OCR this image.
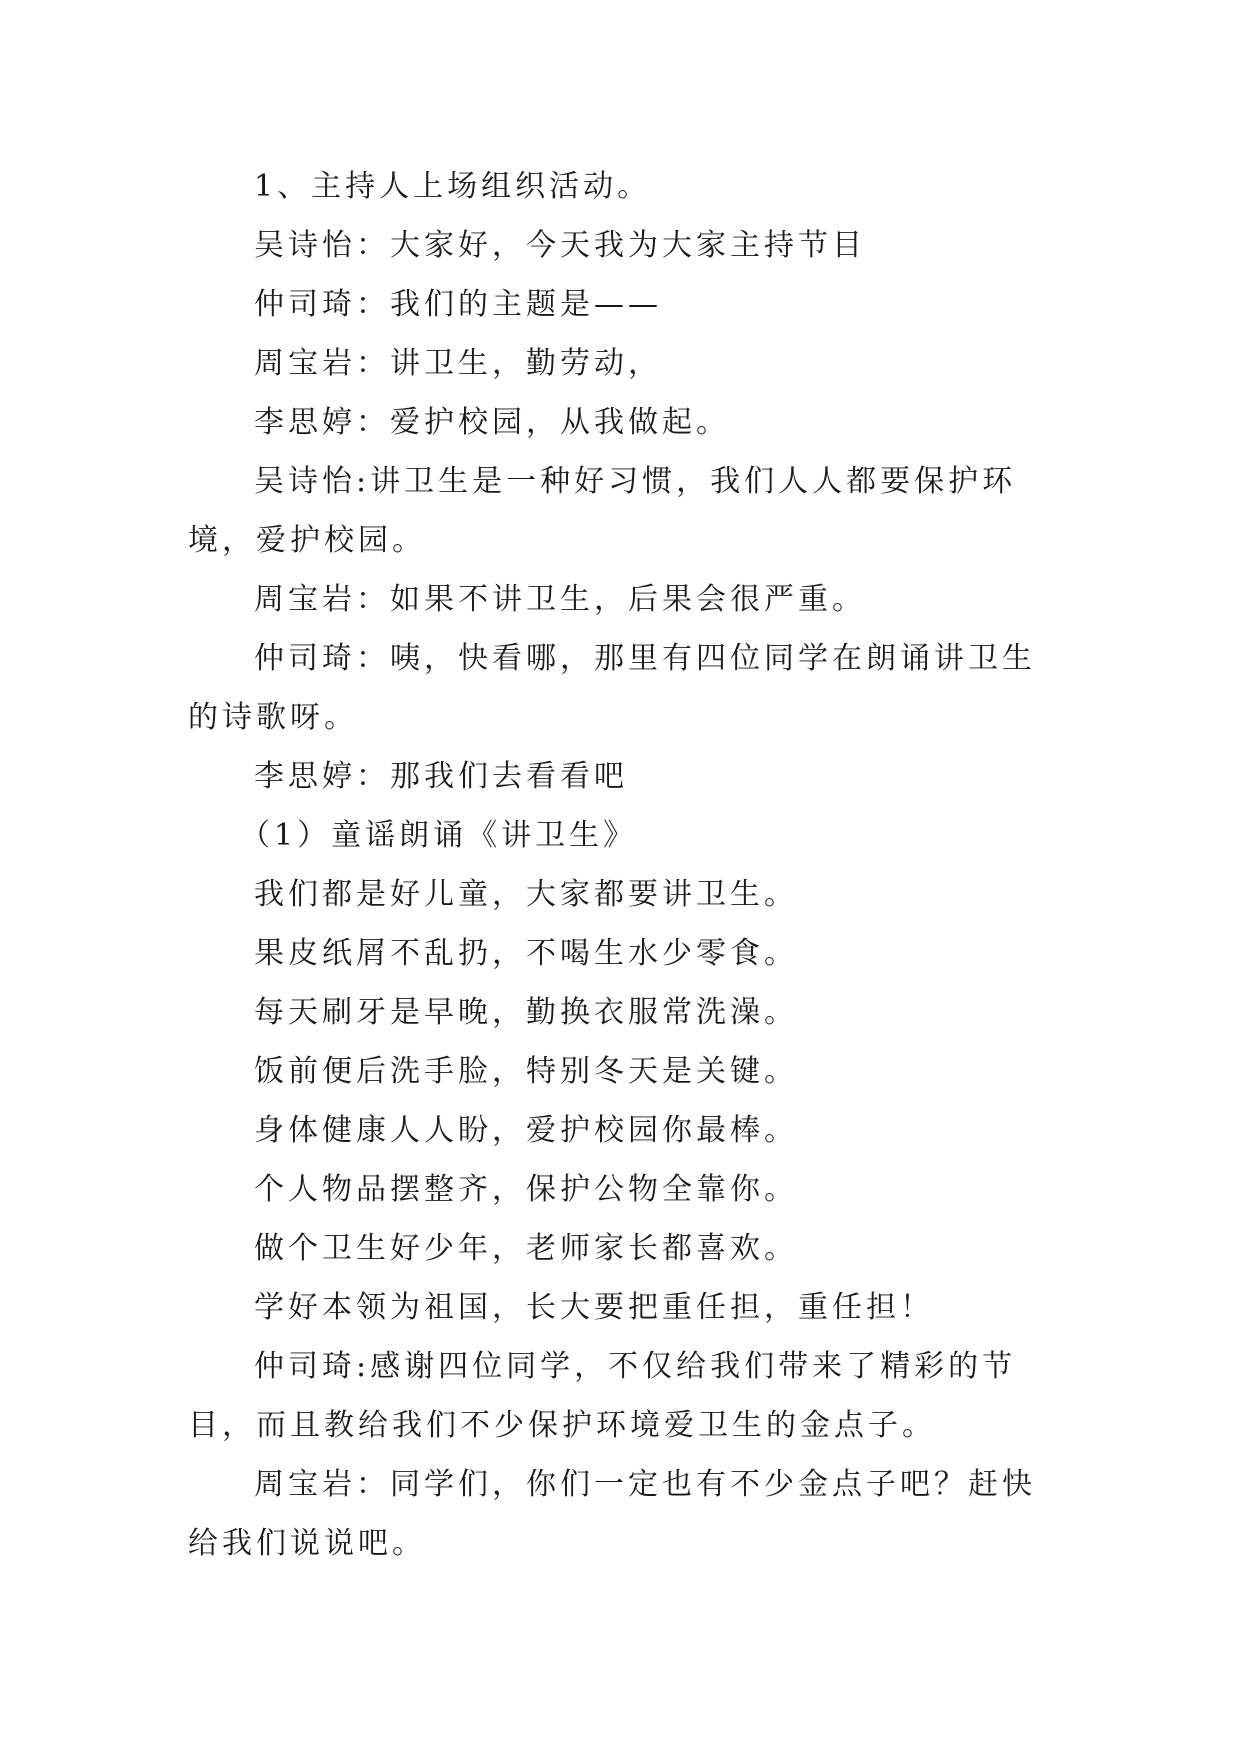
1、主持人上场组织活动。

吴诗怡：大家好，今天我为大家主持节目

仲司琦：我们的主题是——

周宝岩：讲卫生，勤劳动，

李思婷：爱护校园，从我做起。

吴诗怡:讲卫生是一种好习惯，我们人人都要保护环境，爱护校园。

周宝岩：如果不讲卫生，后果会很严重。

仲司琦：咦，快看哪，那里有四位同学在朗诵讲卫生的诗歌呀。

李思婷：那我们去看看吧

（1）童谣朗诵《讲卫生》

我们都是好儿童，大家都要讲卫生。

果皮纸屑不乱扔，不喝生水少零食。

每天刷牙是早晚，勤换衣服常洗澡。

饭前便后洗手脸，特别冬天是关键。

身体健康人人盼，爱护校园你最棒。

个人物品摆整齐，保护公物全靠你。

做个卫生好少年，老师家长都喜欢。

学好本领为祖国，长大要把重任担，重任担！

仲司琦:感谢四位同学，不仅给我们带来了精彩的节目，而且教给我们不少保护环境爱卫生的金点子。

周宝岩：同学们，你们一定也有不少金点子吧？赶快给我们说说吧。
